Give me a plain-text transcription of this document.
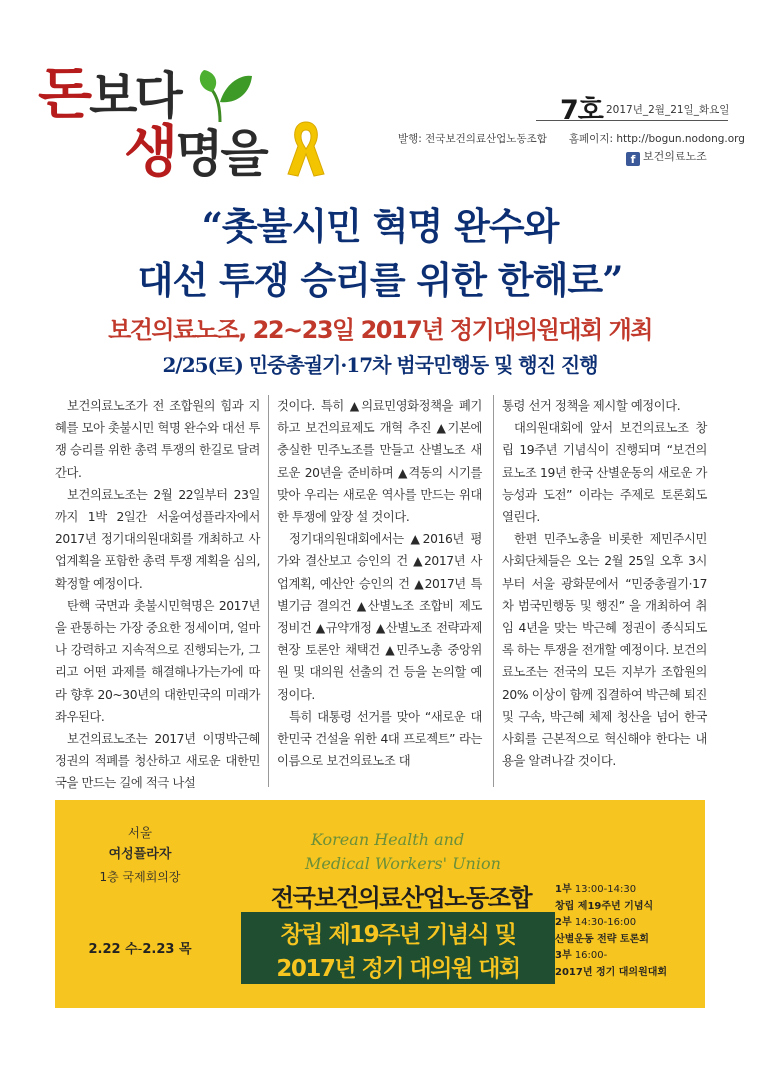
돈보다
생명을
7호 2017년_2월_21일_화요일
발행: 전국보건의료산업노동조합 홈페이지: http://bogun.nodong.org
f 보건의료노조
“촛불시민 혁명 완수와
대선 투쟁 승리를 위한 한해로”
보건의료노조, 22~23일 2017년 정기대의원대회 개최
2/25(토) 민중총궐기·17차 범국민행동 및 행진 진행

보건의료노조가 전 조합원의 힘과 지혜를 모아 촛불시민 혁명 완수와 대선 투쟁 승리를 위한 총력 투쟁의 한길로 달려간다.

보건의료노조는 2월 22일부터 23일까지 1박 2일간 서울여성플라자에서 2017년 정기대의원대회를 개최하고 사업계획을 포함한 총력 투쟁 계획을 심의, 확정할 예정이다.

탄핵 국면과 촛불시민혁명은 2017년을 관통하는 가장 중요한 정세이며, 얼마나 강력하고 지속적으로 진행되는가, 그리고 어떤 과제를 해결해나가는가에 따라 향후 20~30년의 대한민국의 미래가 좌우된다.

보건의료노조는 2017년 이명박근혜 정권의 적폐를 청산하고 새로운 대한민국을 만드는 길에 적극 나설

것이다. 특히 ▲의료민영화정책을 폐기하고 보건의료제도 개혁 추진 ▲기본에 충실한 민주노조를 만들고 산별노조 새로운 20년을 준비하며 ▲격동의 시기를 맞아 우리는 새로운 역사를 만드는 위대한 투쟁에 앞장 설 것이다.

정기대의원대회에서는 ▲2016년 평가와 결산보고 승인의 건 ▲2017년 사업계획, 예산안 승인의 건 ▲2017년 특별기금 결의건 ▲산별노조 조합비 제도 정비건 ▲규약개정 ▲산별노조 전략과제 현장 토론안 채택건 ▲민주노총 중앙위원 및 대의원 선출의 건 등을 논의할 예정이다.

특히 대통령 선거를 맞아 “새로운 대한민국 건설을 위한 4대 프로젝트” 라는 이름으로 보건의료노조 대

통령 선거 정책을 제시할 예정이다.

대의원대회에 앞서 보건의료노조 창립 19주년 기념식이 진행되며 “보건의료노조 19년 한국 산별운동의 새로운 가능성과 도전” 이라는 주제로 토론회도 열린다.

한편 민주노총을 비롯한 제민주시민사회단체들은 오는 2월 25일 오후 3시부터 서울 광화문에서 “민중총궐기·17차 범국민행동 및 행진” 을 개최하여 취임 4년을 맞는 박근혜 정권이 종식되도록 하는 투쟁을 전개할 예정이다. 보건의료노조는 전국의 모든 지부가 조합원의 20% 이상이 함께 집결하여 박근혜 퇴진 및 구속, 박근혜 체제 청산을 넘어 한국사회를 근본적으로 혁신해야 한다는 내용을 알려나갈 것이다.

서울
여성플라자
1층 국제회의장
2.22 수-2.23 목
Korean Health and
Medical Workers' Union
전국보건의료산업노동조합
창립 제19주년 기념식 및
2017년 정기 대의원 대회
1부 13:00-14:30
창립 제19주년 기념식
2부 14:30-16:00
산별운동 전략 토론회
3부 16:00-
2017년 정기 대의원대회
